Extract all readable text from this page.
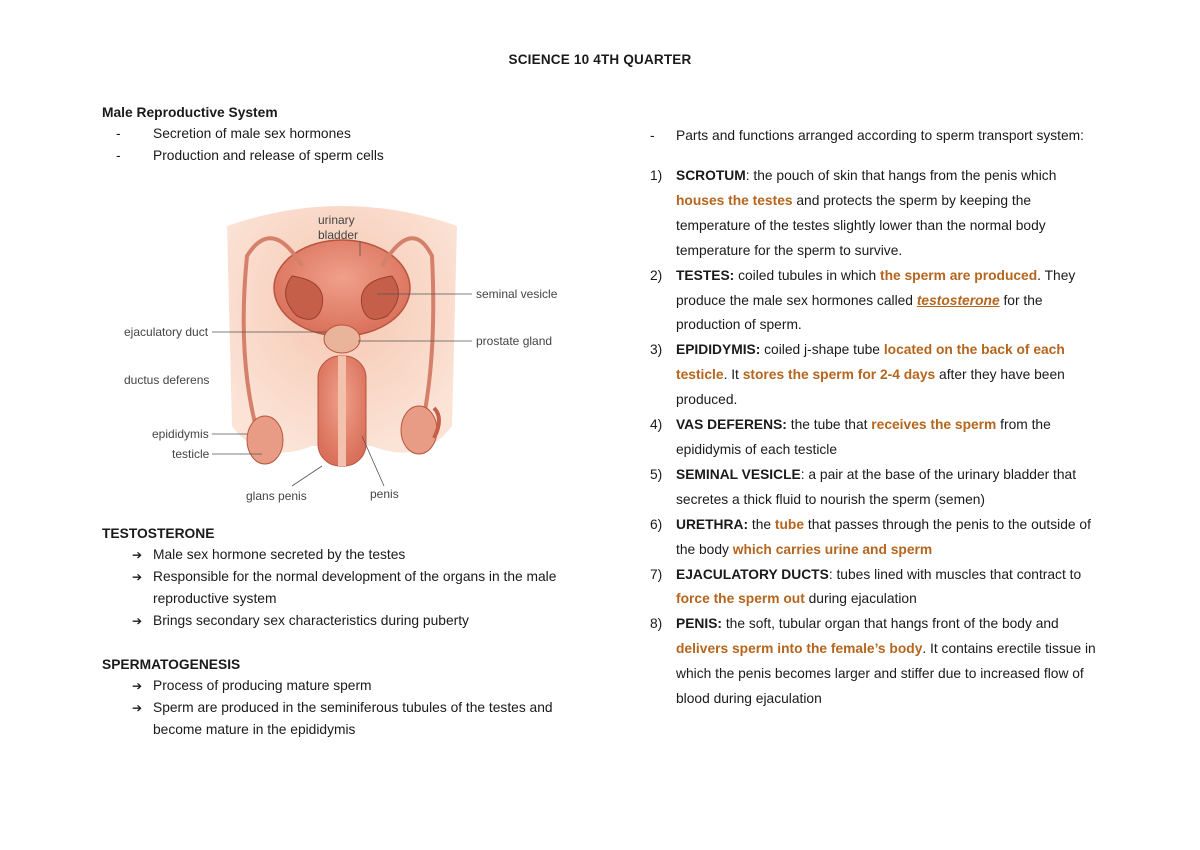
SCIENCE 10 4TH QUARTER

Male Reproductive System

- Secretion of male sex hormones
- Production and release of sperm cells
urinary
bladder
seminal vesicle
prostate gland
ejaculatory duct
ductus deferens
epididymis
testicle
glans penis	penis

TESTOSTERONE

➔ Male sex hormone secreted by the testes
➔ Responsible for the normal development of the organs in the male reproductive system
➔ Brings secondary sex characteristics during puberty

SPERMATOGENESIS

➔ Process of producing mature sperm
➔ Sperm are produced in the seminiferous tubules of the testes and become mature in the epididymis
- Parts and functions arranged according to sperm transport system:
1) SCROTUM: the pouch of skin that hangs from the penis which houses the testes and protects the sperm by keeping the temperature of the testes slightly lower than the normal body temperature for the sperm to survive.
2) TESTES: coiled tubules in which the sperm are produced. They produce the male sex hormones called testosterone for the production of sperm.
3) EPIDIDYMIS: coiled j-shape tube located on the back of each testicle. It stores the sperm for 2-4 days after they have been produced.
4) VAS DEFERENS: the tube that receives the sperm from the epididymis of each testicle
5) SEMINAL VESICLE: a pair at the base of the urinary bladder that secretes a thick fluid to nourish the sperm (semen)
6) URETHRA: the tube that passes through the penis to the outside of the body which carries urine and sperm
7) EJACULATORY DUCTS: tubes lined with muscles that contract to force the sperm out during ejaculation
8) PENIS: the soft, tubular organ that hangs front of the body and delivers sperm into the female’s body. It contains erectile tissue in which the penis becomes larger and stiffer due to increased flow of blood during ejaculation
